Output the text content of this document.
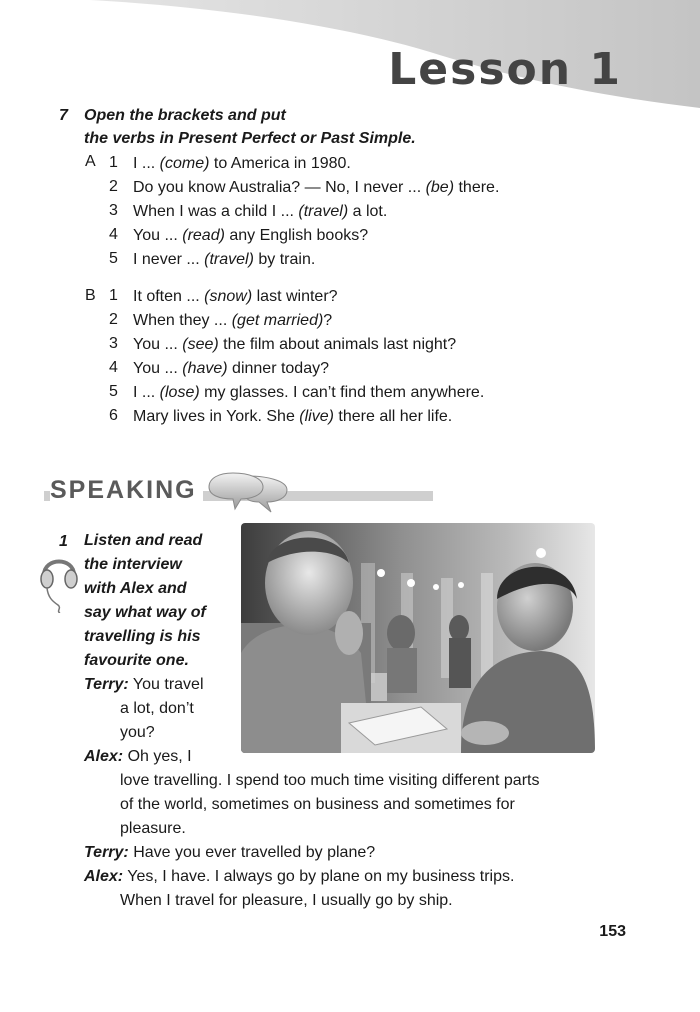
Lesson 1
7 Open the brackets and put
the verbs in Present Perfect or Past Simple.
A 1 I ... (come) to America in 1980.
2 Do you know Australia? — No, I never ... (be) there.
3 When I was a child I ... (travel) a lot.
4 You ... (read) any English books?
5 I never ... (travel) by train.
B 1 It often ... (snow) last winter?
2 When they ... (get married)?
3 You ... (see) the film about animals last night?
4 You ... (have) dinner today?
5 I ... (lose) my glasses. I can’t find them anywhere.
6 Mary lives in York. She (live) there all her life.
SPEAKING
1 Listen and read
the interview
with Alex and
say what way of
travelling is his
favourite one.
Terry: You travel
a lot, don’t
you?
Alex: Oh yes, I
love travelling. I spend too much time visiting different parts
of the world, sometimes on business and sometimes for
pleasure.
Terry: Have you ever travelled by plane?
Alex: Yes, I have. I always go by plane on my business trips.
When I travel for pleasure, I usually go by ship.
153
